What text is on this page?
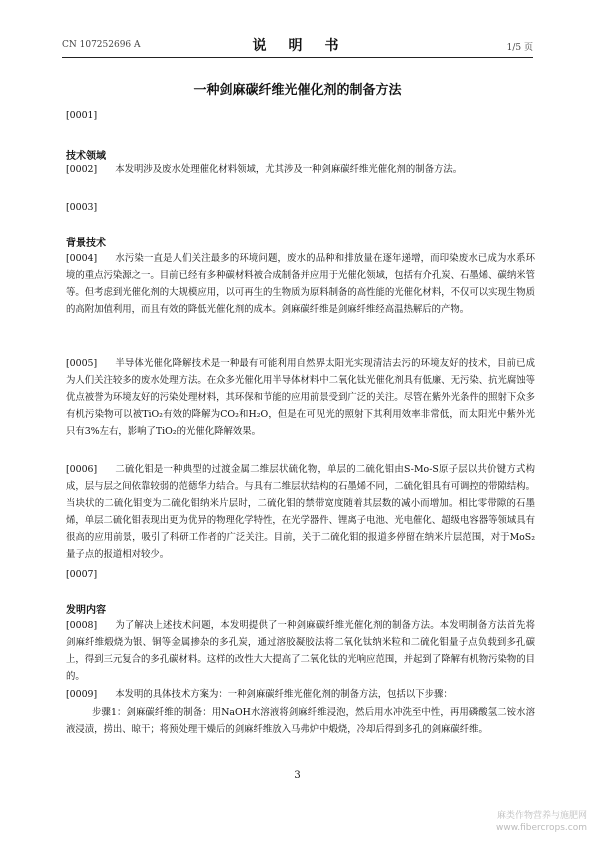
CN 107252696 A	说　明　书	1/5 页
一种剑麻碳纤维光催化剂的制备方法

[0001]

技术领域

[0002] 本发明涉及废水处理催化材料领域，尤其涉及一种剑麻碳纤维光催化剂的制备方法。

[0003]

背景技术

[0004] 水污染一直是人们关注最多的环境问题，废水的品种和排放量在逐年递增，而印染废水已成为水系环境的重点污染源之一。目前已经有多种碳材料被合成制备并应用于光催化领域，包括有介孔炭、石墨烯、碳纳米管等。但考虑到光催化剂的大规模应用，以可再生的生物质为原料制备的高性能的光催化材料，不仅可以实现生物质的高附加值利用，而且有效的降低光催化剂的成本。剑麻碳纤维是剑麻纤维经高温热解后的产物。

[0005] 半导体光催化降解技术是一种最有可能利用自然界太阳光实现清洁去污的环境友好的技术，目前已成为人们关注较多的废水处理方法。在众多光催化用半导体材料中二氧化钛光催化剂具有低廉、无污染、抗光腐蚀等优点被誉为环境友好的污染处理材料，其环保和节能的应用前景受到广泛的关注。尽管在紫外光条件的照射下众多有机污染物可以被TiO₂有效的降解为CO₂和H₂O，但是在可见光的照射下其利用效率非常低，而太阳光中紫外光只有3%左右，影响了TiO₂的光催化降解效果。

[0006] 二硫化钼是一种典型的过渡金属二维层状硫化物，单层的二硫化钼由S-Mo-S原子层以共价键方式构成，层与层之间依靠较弱的范德华力结合。与具有二维层状结构的石墨烯不同，二硫化钼具有可调控的带隙结构。当块状的二硫化钼变为二硫化钼纳米片层时，二硫化钼的禁带宽度随着其层数的减小而增加。相比零带隙的石墨烯，单层二硫化钼表现出更为优异的物理化学特性，在光学器件、锂离子电池、光电催化、超级电容器等领域具有很高的应用前景，吸引了科研工作者的广泛关注。目前，关于二硫化钼的报道多停留在纳米片层范围，对于MoS₂量子点的报道相对较少。

[0007]

发明内容

[0008] 为了解决上述技术问题，本发明提供了一种剑麻碳纤维光催化剂的制备方法。本发明制备方法首先将剑麻纤维煅烧为银、铜等金属掺杂的多孔炭，通过溶胶凝胶法将二氧化钛纳米粒和二硫化钼量子点负载到多孔碳上，得到三元复合的多孔碳材料。这样的改性大大提高了二氧化钛的光响应范围，并起到了降解有机物污染物的目的。

[0009] 本发明的具体技术方案为：一种剑麻碳纤维光催化剂的制备方法，包括以下步骤：

步骤1：剑麻碳纤维的制备：用NaOH水溶液将剑麻纤维浸泡，然后用水冲洗至中性，再用磷酸氢二铵水溶液浸渍，捞出、晾干；将预处理干燥后的剑麻纤维放入马弗炉中煅烧，冷却后得到多孔的剑麻碳纤维。

3
麻类作物营养与施肥网
www.fibercrops.com
